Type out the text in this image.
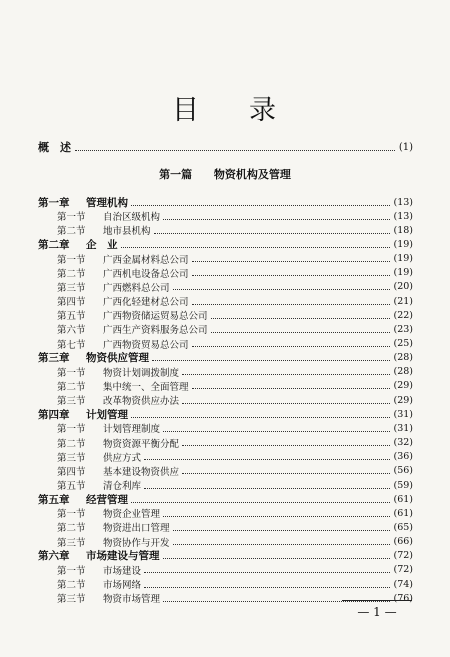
目 录
概　述	(1)
第一篇 物资机构及管理
第一章	管理机构	(13)
第一节	自治区级机构	(13)
第二节	地市县机构	(18)
第二章	企　业	(19)
第一节	广西金属材料总公司	(19)
第二节	广西机电设备总公司	(19)
第三节	广西燃料总公司	(20)
第四节	广西化轻建材总公司	(21)
第五节	广西物资储运贸易总公司	(22)
第六节	广西生产资料服务总公司	(23)
第七节	广西物资贸易总公司	(25)
第三章	物资供应管理	(28)
第一节	物资计划调拨制度	(28)
第二节	集中统一、全面管理	(29)
第三节	改革物资供应办法	(29)
第四章	计划管理	(31)
第一节	计划管理制度	(31)
第二节	物资资源平衡分配	(32)
第三节	供应方式	(36)
第四节	基本建设物资供应	(56)
第五节	清仓利库	(59)
第五章	经营管理	(61)
第一节	物资企业管理	(61)
第二节	物资进出口管理	(65)
第三节	物资协作与开发	(66)
第六章	市场建设与管理	(72)
第一节	市场建设	(72)
第二节	市场网络	(74)
第三节	物资市场管理	(76)
— 1 —
